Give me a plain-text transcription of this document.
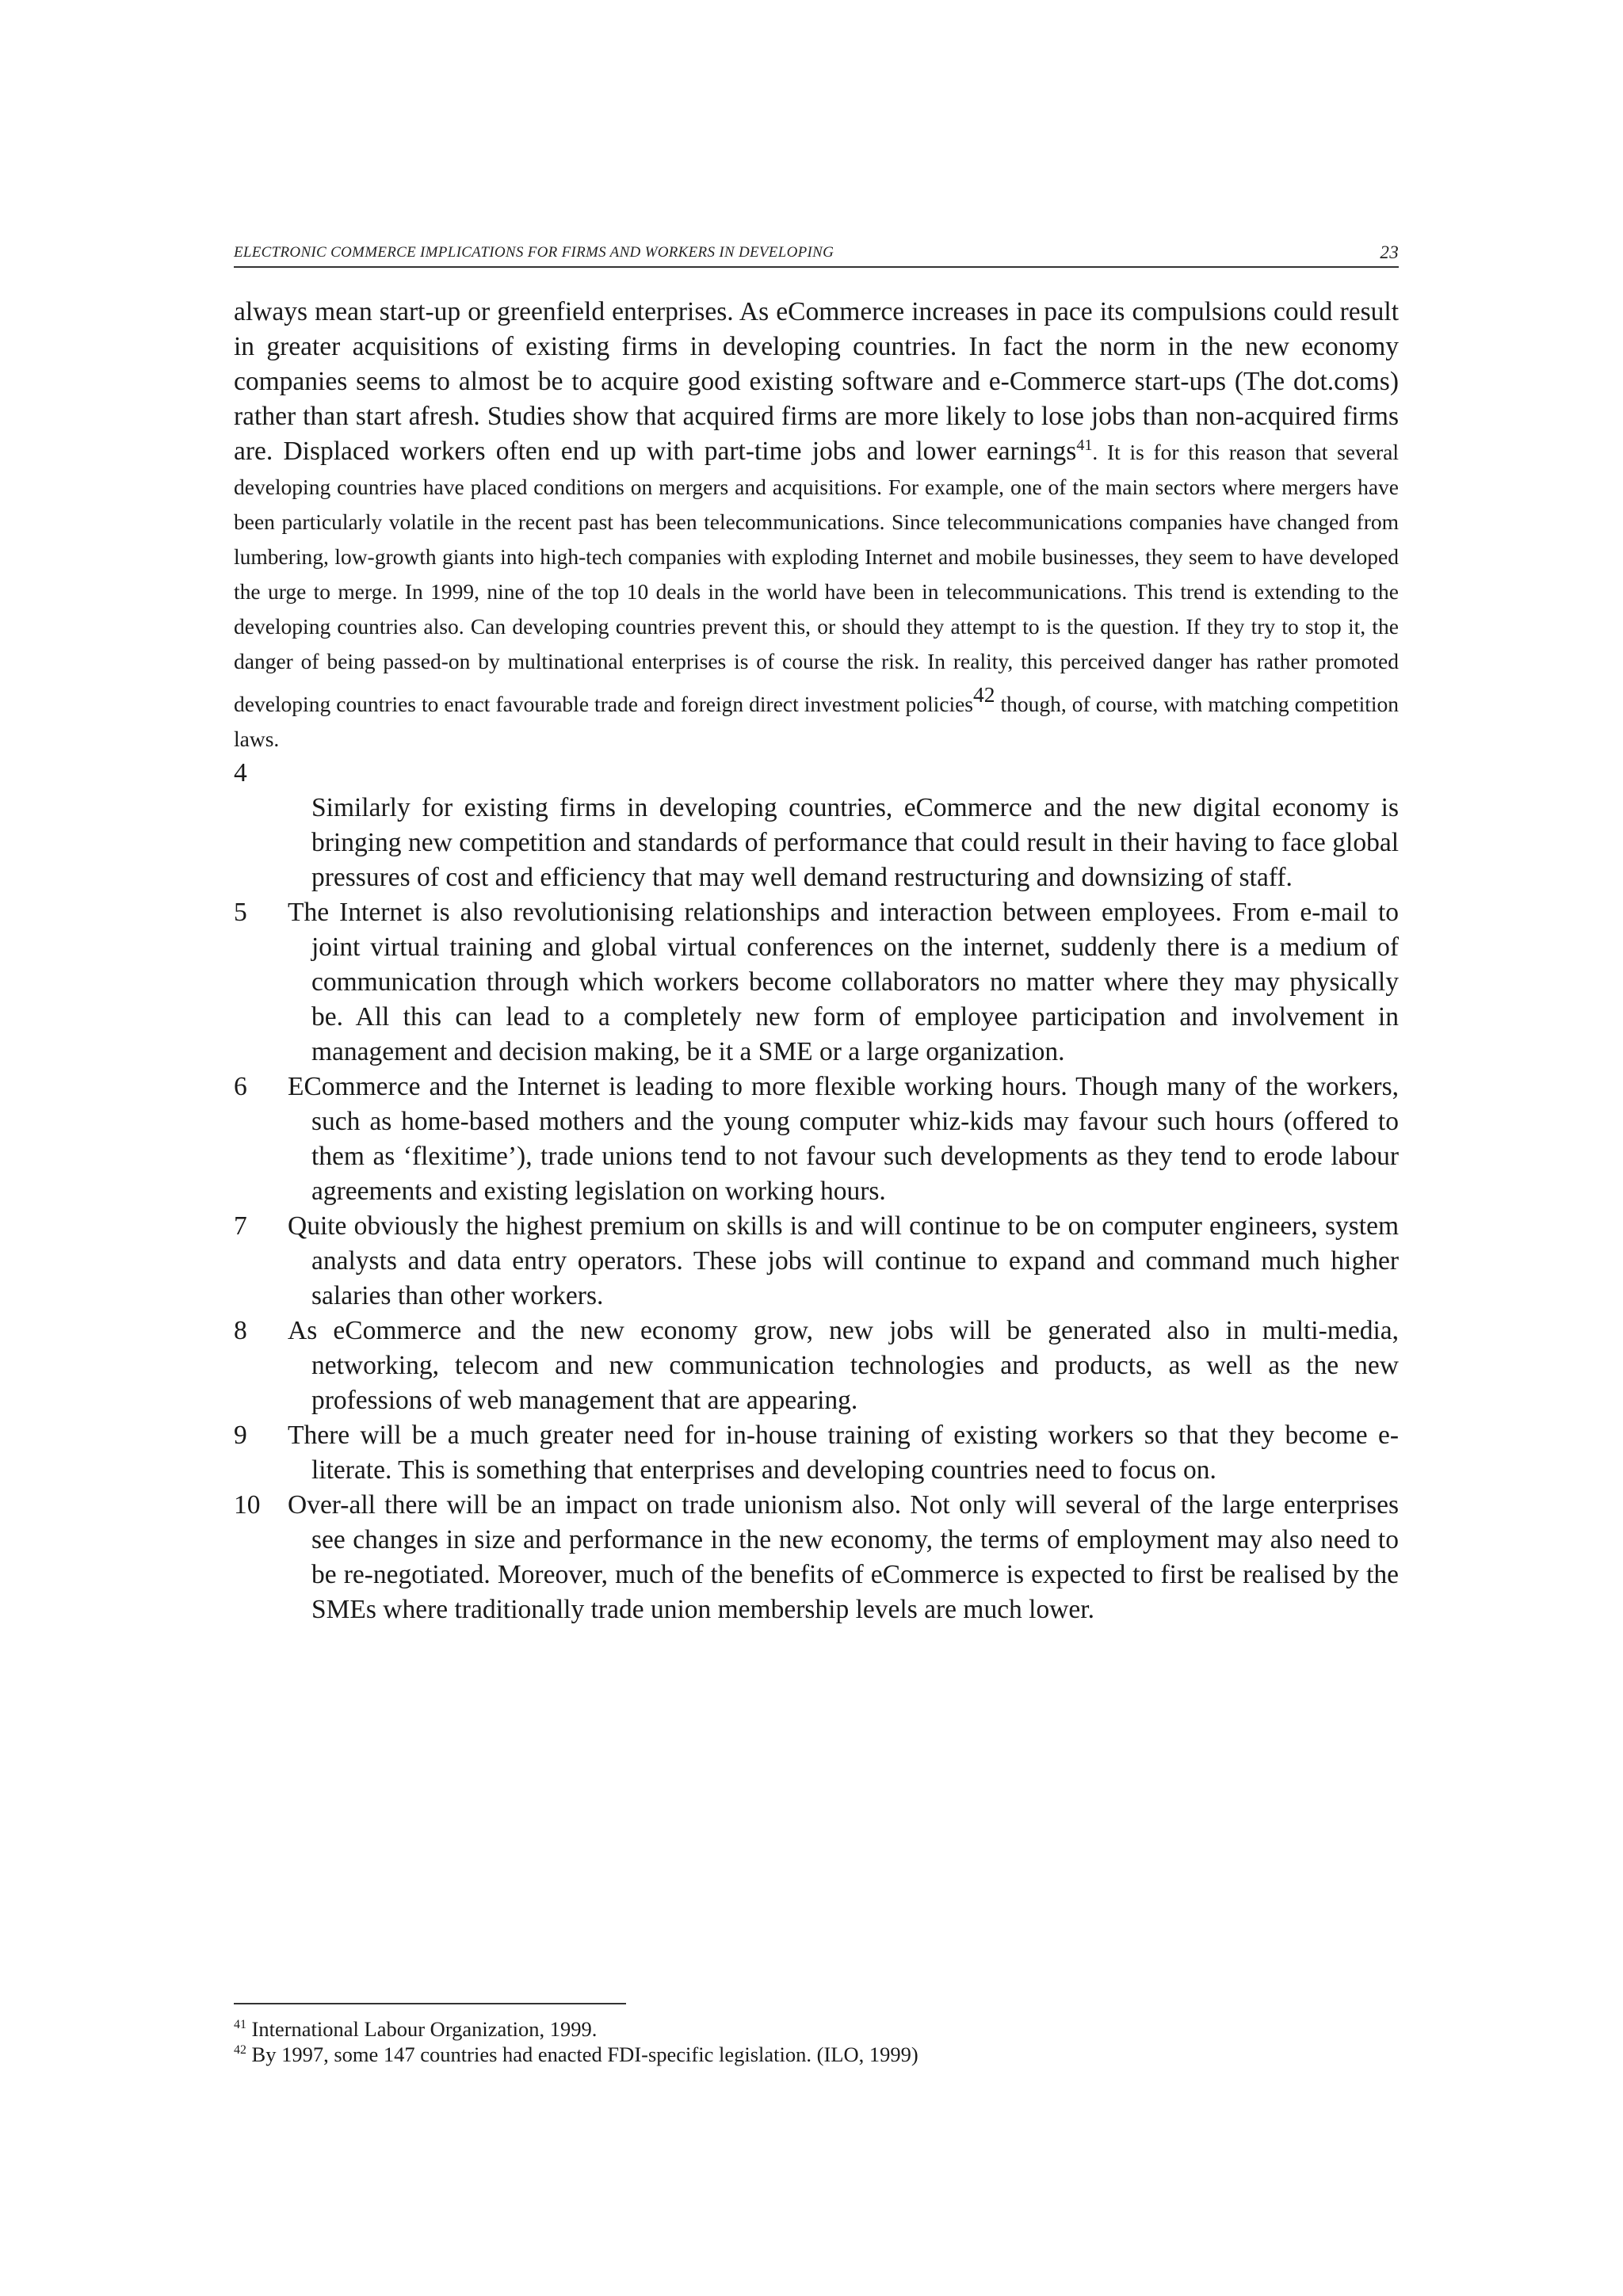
ELECTRONIC COMMERCE IMPLICATIONS FOR FIRMS AND WORKERS IN DEVELOPING	23

always mean start-up or greenfield enterprises. As eCommerce increases in pace its compulsions could result in greater acquisitions of existing firms in developing countries. In fact the norm in the new economy companies seems to almost be to acquire good existing software and e-Commerce start-ups (The dot.coms) rather than start afresh. Studies show that acquired firms are more likely to lose jobs than non-acquired firms are. Displaced workers often end up with part-time jobs and lower earnings$^{41}$. It is for this reason that several developing countries have placed conditions on mergers and acquisitions. For example, one of the main sectors where mergers have been particularly volatile in the recent past has been telecommunications. Since telecommunications companies have changed from lumbering, low-growth giants into high-tech companies with exploding Internet and mobile businesses, they seem to have developed the urge to merge. In 1999, nine of the top 10 deals in the world have been in telecommunications. This trend is extending to the developing countries also. Can developing countries prevent this, or should they attempt to is the question. If they try to stop it, the danger of being passed-on by multinational enterprises is of course the risk. In reality, this perceived danger has rather promoted developing countries to enact favourable trade and foreign direct investment policies$^{42}$ though, of course, with matching competition laws.

4

Similarly for existing firms in developing countries, eCommerce and the new digital economy is bringing new competition and standards of performance that could result in their having to face global pressures of cost and efficiency that may well demand restructuring and downsizing of staff.

5 The Internet is also revolutionising relationships and interaction between employees. From e-mail to joint virtual training and global virtual conferences on the internet, suddenly there is a medium of communication through which workers become collaborators no matter where they may physically be. All this can lead to a completely new form of employee participation and involvement in management and decision making, be it a SME or a large organization.

6 ECommerce and the Internet is leading to more flexible working hours. Though many of the workers, such as home-based mothers and the young computer whiz-kids may favour such hours (offered to them as ‘flexitime’), trade unions tend to not favour such developments as they tend to erode labour agreements and existing legislation on working hours.

7 Quite obviously the highest premium on skills is and will continue to be on computer engineers, system analysts and data entry operators. These jobs will continue to expand and command much higher salaries than other workers.

8 As eCommerce and the new economy grow, new jobs will be generated also in multi-media, networking, telecom and new communication technologies and products, as well as the new professions of web management that are appearing.

9 There will be a much greater need for in-house training of existing workers so that they become e-literate. This is something that enterprises and developing countries need to focus on.

10 Over-all there will be an impact on trade unionism also. Not only will several of the large enterprises see changes in size and performance in the new economy, the terms of employment may also need to be re-negotiated. Moreover, much of the benefits of eCommerce is expected to first be realised by the SMEs where traditionally trade union membership levels are much lower.

$^{41}$ International Labour Organization, 1999.

$^{42}$ By 1997, some 147 countries had enacted FDI-specific legislation. (ILO, 1999)
